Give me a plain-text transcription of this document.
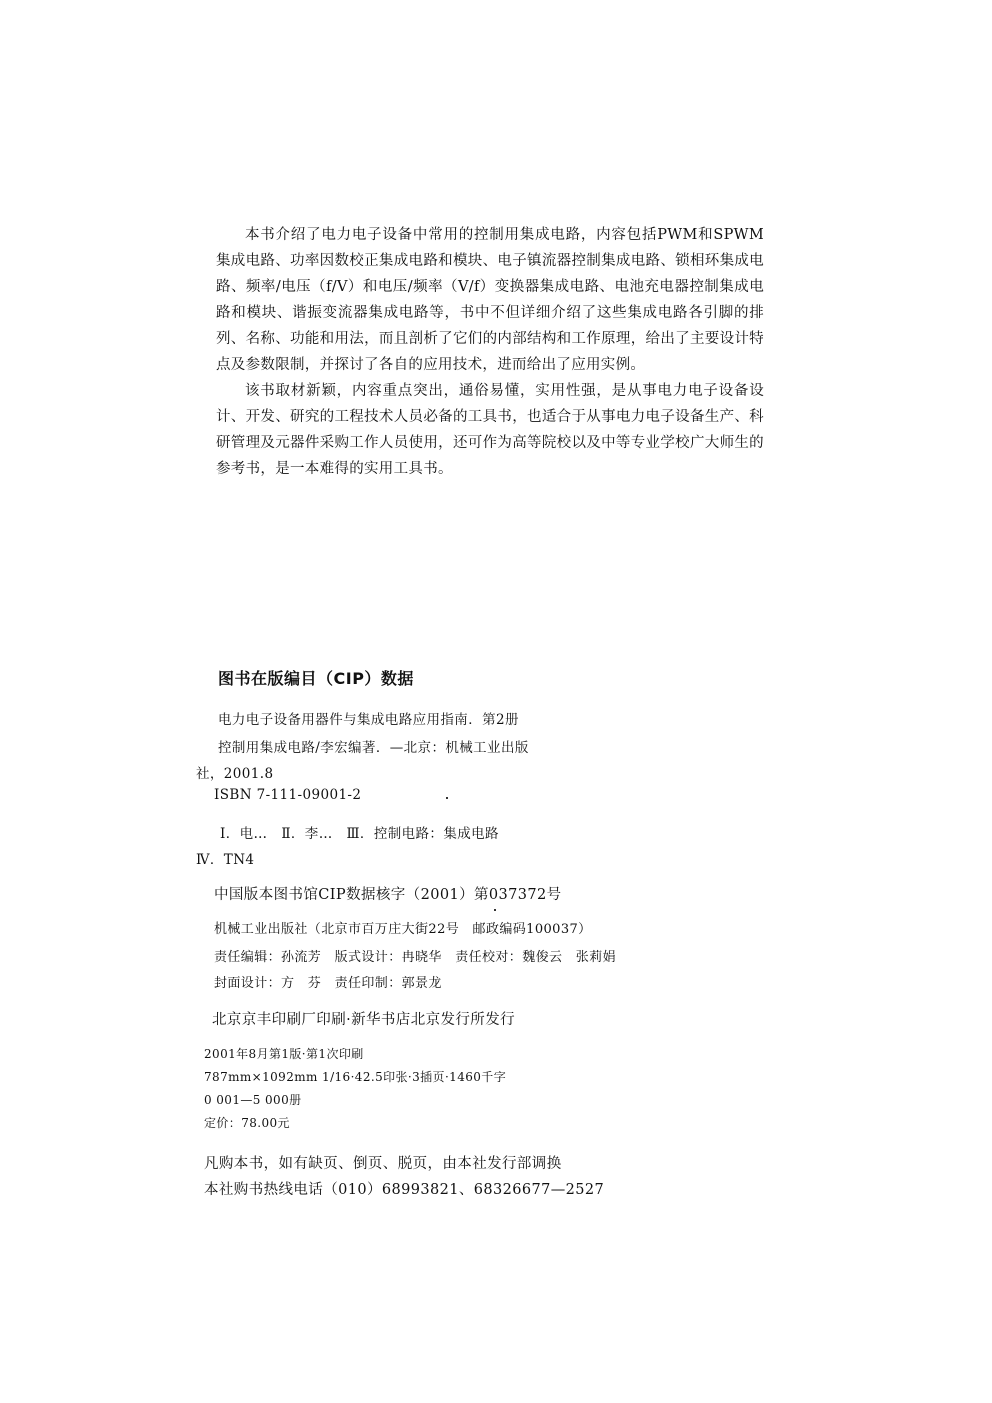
本书介绍了电力电子设备中常用的控制用集成电路，内容包括PWM和SPWM集成电路、功率因数校正集成电路和模块、电子镇流器控制集成电路、锁相环集成电路、频率/电压（f/V）和电压/频率（V/f）变换器集成电路、电池充电器控制集成电路和模块、谐振变流器集成电路等，书中不但详细介绍了这些集成电路各引脚的排列、名称、功能和用法，而且剖析了它们的内部结构和工作原理，给出了主要设计特点及参数限制，并探讨了各自的应用技术，进而给出了应用实例。

该书取材新颖，内容重点突出，通俗易懂，实用性强，是从事电力电子设备设计、开发、研究的工程技术人员必备的工具书，也适合于从事电力电子设备生产、科研管理及元器件采购工作人员使用，还可作为高等院校以及中等专业学校广大师生的参考书，是一本难得的实用工具书。

图书在版编目（CIP）数据

电力电子设备用器件与集成电路应用指南．第2册

控制用集成电路/李宏编著．—北京：机械工业出版

社，2001.8

ISBN 7-111-09001-2

Ⅰ．电…　Ⅱ．李…　Ⅲ．控制电路：集成电路

Ⅳ．TN4

中国版本图书馆CIP数据核字（2001）第037372号

机械工业出版社（北京市百万庄大街22号　邮政编码100037）

责任编辑：孙流芳　版式设计：冉晓华　责任校对：魏俊云　张莉娟

封面设计：方　芬　责任印制：郭景龙

北京京丰印刷厂印刷·新华书店北京发行所发行

2001年8月第1版·第1次印刷

787mm×1092mm 1/16·42.5印张·3插页·1460千字

0 001—5 000册

定价：78.00元

凡购本书，如有缺页、倒页、脱页，由本社发行部调换

本社购书热线电话（010）68993821、68326677—2527
